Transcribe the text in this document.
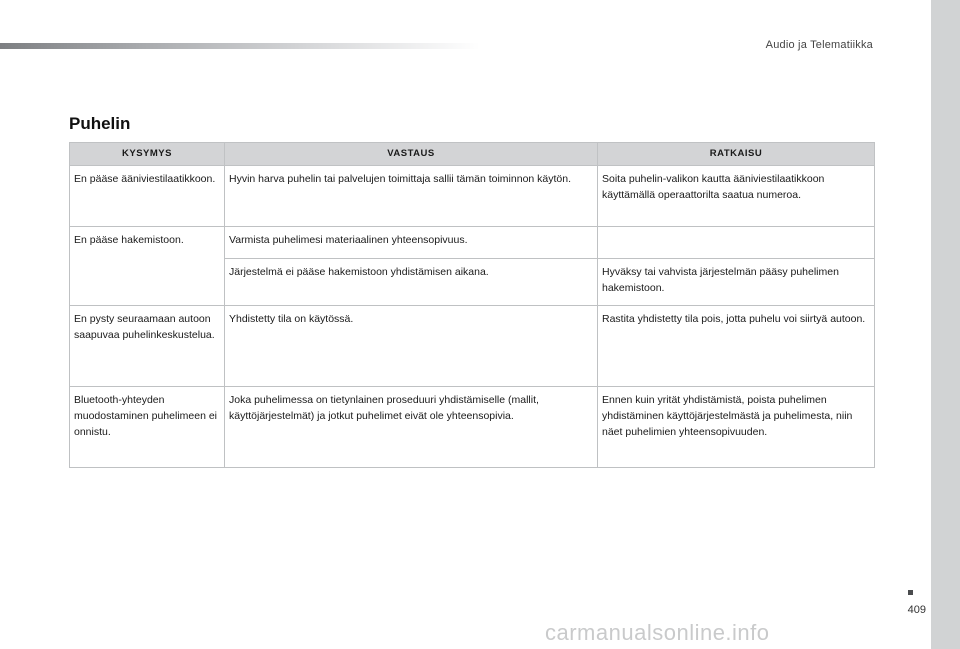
Audio ja Telematiikka
Puhelin
KYSYMYS	VASTAUS	RATKAISU
En pääse ääniviestilaatikkoon.	Hyvin harva puhelin tai palvelujen toimittaja sallii tämän toiminnon käytön.	Soita puhelin-valikon kautta ääniviestilaatikkoon käyttämällä operaattorilta saatua numeroa.
En pääse hakemistoon.	Varmista puhelimesi materiaalinen yhteensopivuus.	
	Järjestelmä ei pääse hakemistoon yhdistämisen aikana.	Hyväksy tai vahvista järjestelmän pääsy puhelimen hakemistoon.
En pysty seuraamaan autoon saapuvaa puhelinkeskustelua.	Yhdistetty tila on käytössä.	Rastita yhdistetty tila pois, jotta puhelu voi siirtyä autoon.
Bluetooth-yhteyden muodostaminen puhelimeen ei onnistu.	Joka puhelimessa on tietynlainen proseduuri yhdistämiselle (mallit, käyttöjärjestelmät) ja jotkut puhelimet eivät ole yhteensopivia.	Ennen kuin yrität yhdistämistä, poista puhelimen yhdistäminen käyttöjärjestelmästä ja puhelimesta, niin näet puhelimien yhteensopivuuden.
409
carmanualsonline.info
